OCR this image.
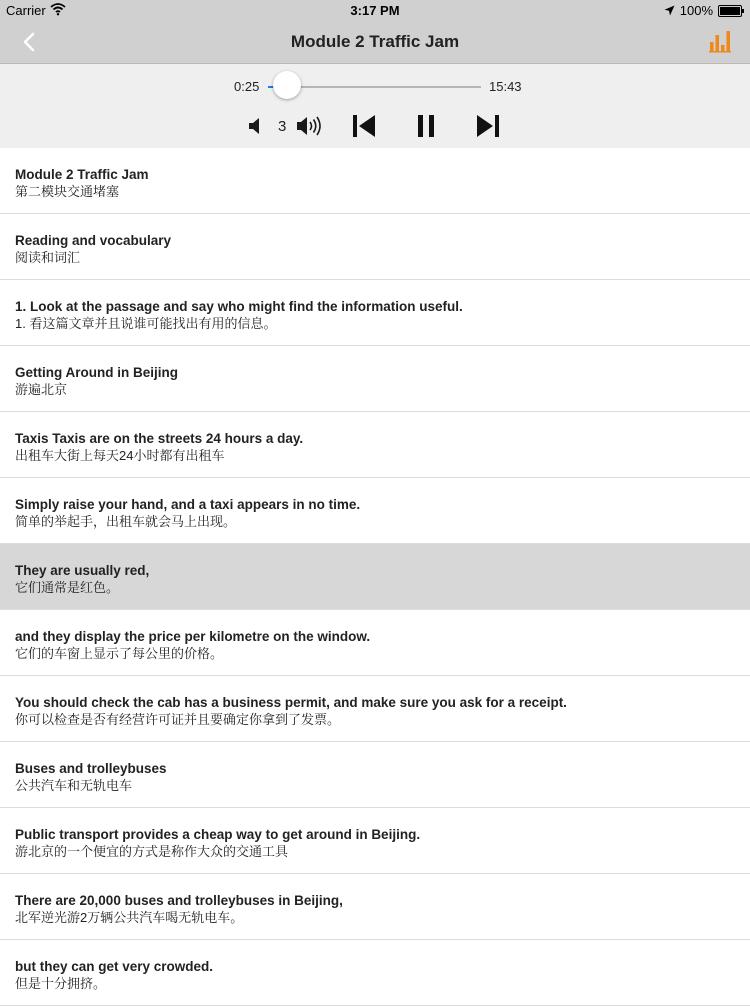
Carrier	3:17 PM	100%
Module 2 Traffic Jam
0:25	15:43
3
Module 2 Traffic Jam
第二模块交通堵塞
Reading and vocabulary
阅读和词汇
1. Look at the passage and say who might find the information useful.
1. 看这篇文章并且说谁可能找出有用的信息。
Getting Around in Beijing
游遍北京
Taxis Taxis are on the streets 24 hours a day.
出租车大街上每天24小时都有出租车
Simply raise your hand, and a taxi appears in no time.
简单的举起手，出租车就会马上出现。
They are usually red,
它们通常是红色。
and they display the price per kilometre on the window.
它们的车窗上显示了每公里的价格。
You should check the cab has a business permit, and make sure you ask for a receipt.
你可以检查是否有经营许可证并且要确定你拿到了发票。
Buses and trolleybuses
公共汽车和无轨电车
Public transport provides a cheap way to get around in Beijing.
游北京的一个便宜的方式是称作大众的交通工具
There are 20,000 buses and trolleybuses in Beijing,
北军逆光游2万辆公共汽车喝无轨电车。
but they can get very crowded.
但是十分拥挤。
